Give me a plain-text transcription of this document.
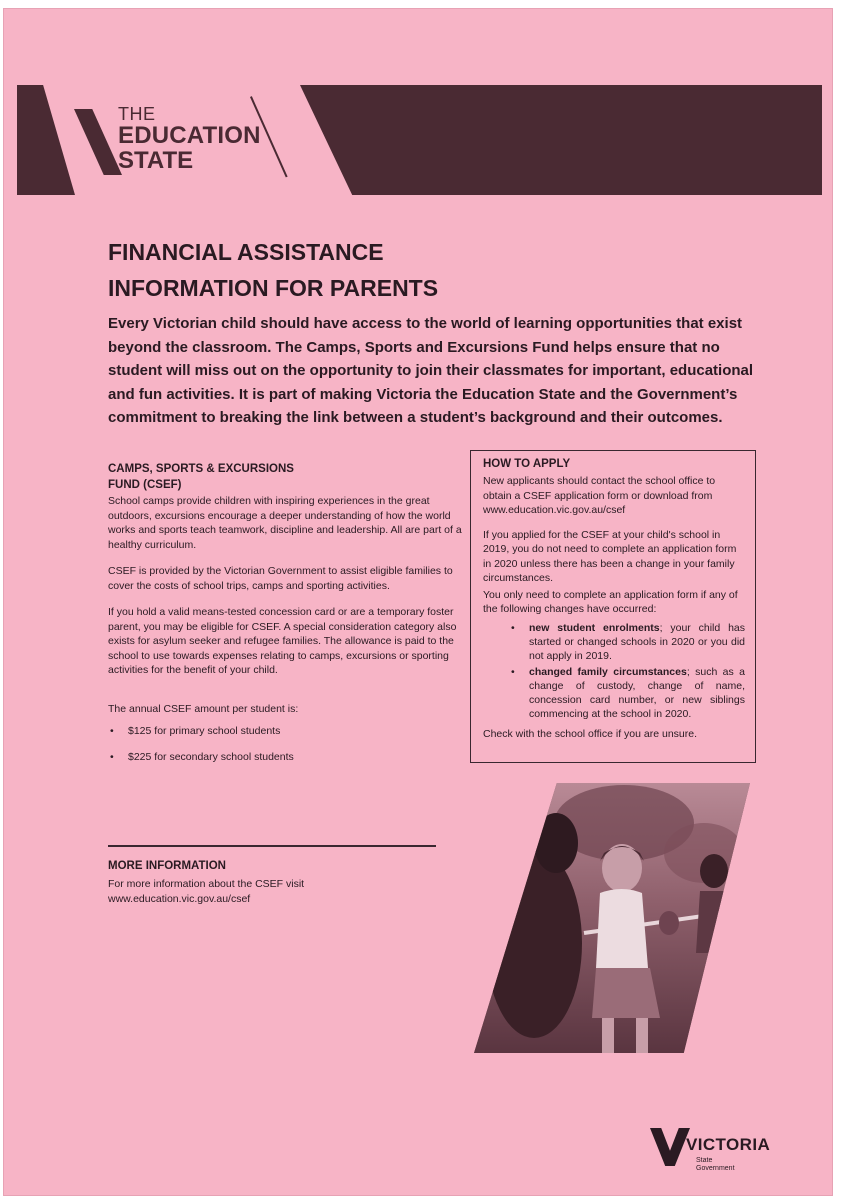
THE
EDUCATION
STATE
FINANCIAL ASSISTANCE
INFORMATION FOR PARENTS

Every Victorian child should have access to the world of learning opportunities that exist beyond the classroom. The Camps, Sports and Excursions Fund helps ensure that no student will miss out on the opportunity to join their classmates for important, educational and fun activities. It is part of making Victoria the Education State and the Government’s commitment to breaking the link between a student’s background and their outcomes.

CAMPS, SPORTS & EXCURSIONS FUND (CSEF)

School camps provide children with inspiring experiences in the great outdoors, excursions encourage a deeper understanding of how the world works and sports teach teamwork, discipline and leadership. All are part of a healthy curriculum.

CSEF is provided by the Victorian Government to assist eligible families to cover the costs of school trips, camps and sporting activities.

If you hold a valid means-tested concession card or are a temporary foster parent, you may be eligible for CSEF. A special consideration category also exists for asylum seeker and refugee families. The allowance is paid to the school to use towards expenses relating to camps, excursions or sporting activities for the benefit of your child.

The annual CSEF amount per student is:

• $125 for primary school students
• $225 for secondary school students
MORE INFORMATION
For more information about the CSEF visit
www.education.vic.gov.au/csef
HOW TO APPLY

New applicants should contact the school office to obtain a CSEF application form or download from www.education.vic.gov.au/csef

If you applied for the CSEF at your child's school in 2019, you do not need to complete an application form in 2020 unless there has been a change in your family circumstances.

You only need to complete an application form if any of the following changes have occurred:

• new student enrolments; your child has started or changed schools in 2020 or you did not apply in 2019.
• changed family circumstances; such as a change of custody, change of name, concession card number, or new siblings commencing at the school in 2020.

Check with the school office if you are unsure.

VICTORIA
State
Government
